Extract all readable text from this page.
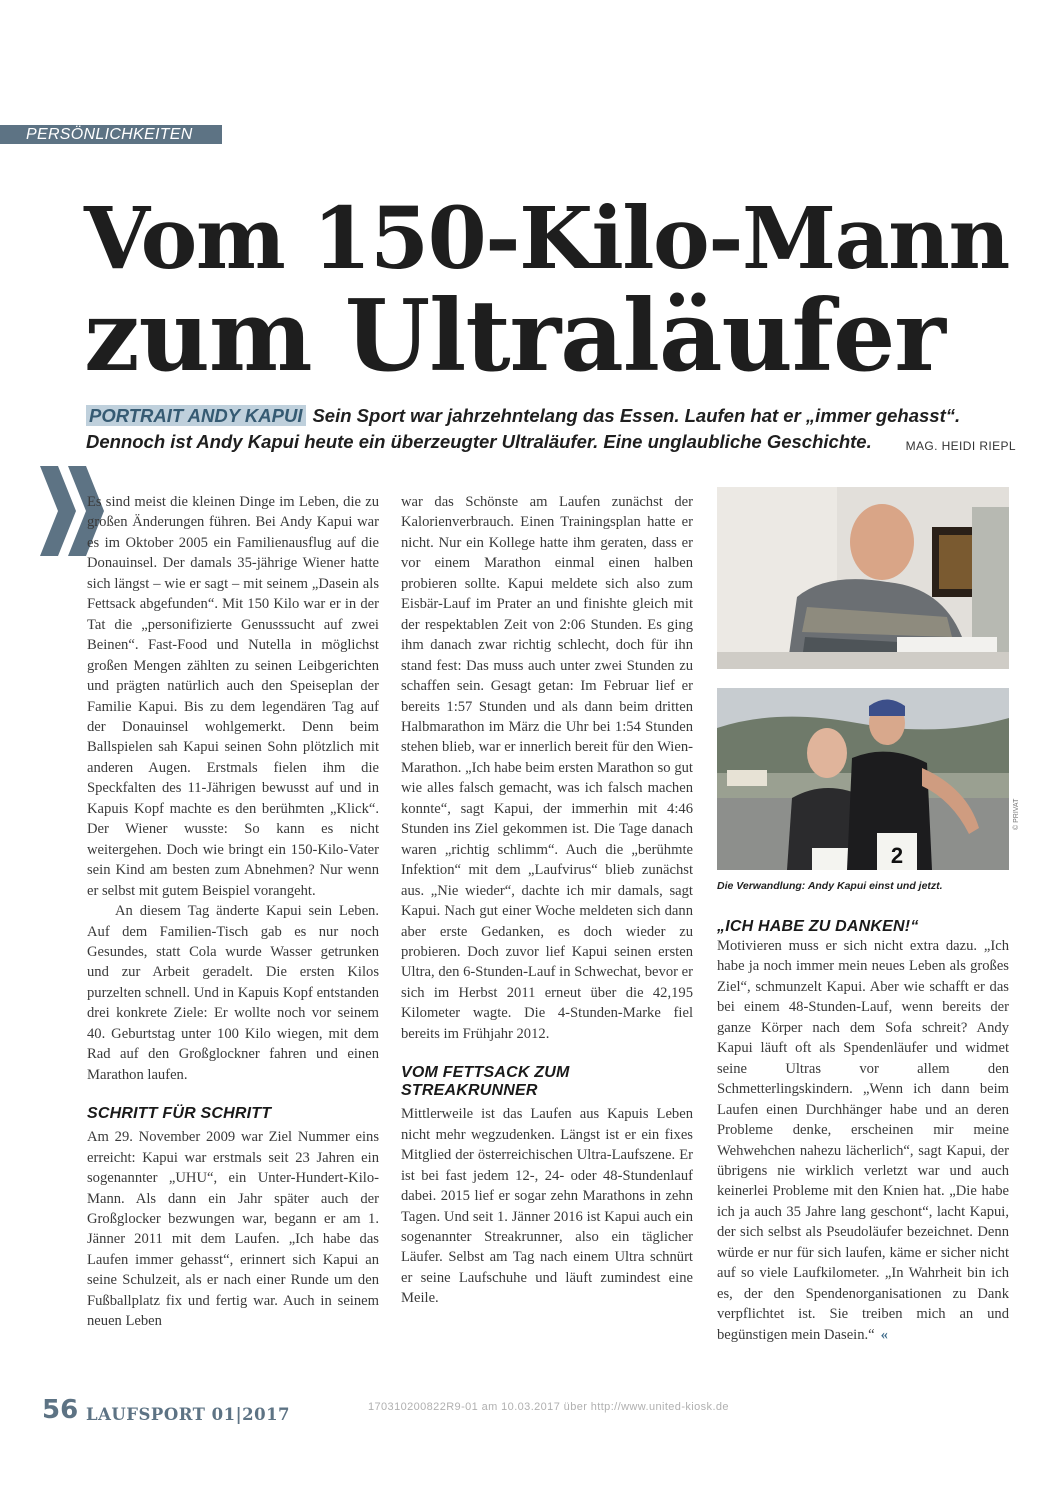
PERSÖNLICHKEITEN
Vom 150-Kilo-Mann
zum Ultraläufer
PORTRAIT ANDY KAPUI Sein Sport war jahrzehntelang das Essen. Laufen hat er „immer gehasst“. Dennoch ist Andy Kapui heute ein überzeugter Ultraläufer. Eine unglaubliche Geschichte.	MAG. HEIDI RIEPL

Es sind meist die kleinen Dinge im Leben, die zu großen Änderungen führen. Bei Andy Kapui war es im Oktober 2005 ein Familienausflug auf die Donauinsel. Der damals 35-jährige Wiener hatte sich längst – wie er sagt – mit seinem „Dasein als Fettsack abgefunden“. Mit 150 Kilo war er in der Tat die „personifizierte Genusssucht auf zwei Beinen“. Fast-Food und Nutella in möglichst großen Mengen zählten zu seinen Leibgerichten und prägten natürlich auch den Speiseplan der Familie Kapui. Bis zu dem legendären Tag auf der Donauinsel wohlgemerkt. Denn beim Ballspielen sah Kapui seinen Sohn plötzlich mit anderen Augen. Erstmals fielen ihm die Speckfalten des 11-Jährigen bewusst auf und in Kapuis Kopf machte es den berühmten „Klick“. Der Wiener wusste: So kann es nicht weitergehen. Doch wie bringt ein 150-Kilo-Vater sein Kind am besten zum Abnehmen? Nur wenn er selbst mit gutem Beispiel vorangeht.

An diesem Tag änderte Kapui sein Leben. Auf dem Familien-Tisch gab es nur noch Gesundes, statt Cola wurde Wasser getrunken und zur Arbeit geradelt. Die ersten Kilos purzelten schnell. Und in Kapuis Kopf entstanden drei konkrete Ziele: Er wollte noch vor seinem 40. Geburtstag unter 100 Kilo wiegen, mit dem Rad auf den Großglockner fahren und einen Marathon laufen.

SCHRITT FÜR SCHRITT

Am 29. November 2009 war Ziel Nummer eins erreicht: Kapui war erstmals seit 23 Jahren ein sogenannter „UHU“, ein Unter-Hundert-Kilo-Mann. Als dann ein Jahr später auch der Großglocker bezwungen war, begann er am 1. Jänner 2011 mit dem Laufen. „Ich habe das Laufen immer gehasst“, erinnert sich Kapui an seine Schulzeit, als er nach einer Runde um den Fußballplatz fix und fertig war. Auch in seinem neuen Leben

war das Schönste am Laufen zunächst der Kalorienverbrauch. Einen Trainingsplan hatte er nicht. Nur ein Kollege hatte ihm geraten, dass er vor einem Marathon einmal einen halben probieren sollte. Kapui meldete sich also zum Eisbär-Lauf im Prater an und finishte gleich mit der respektablen Zeit von 2:06 Stunden. Es ging ihm danach zwar richtig schlecht, doch für ihn stand fest: Das muss auch unter zwei Stunden zu schaffen sein. Gesagt getan: Im Februar lief er bereits 1:57 Stunden und als dann beim dritten Halbmarathon im März die Uhr bei 1:54 Stunden stehen blieb, war er innerlich bereit für den Wien-Marathon. „Ich habe beim ersten Marathon so gut wie alles falsch gemacht, was ich falsch machen konnte“, sagt Kapui, der immerhin mit 4:46 Stunden ins Ziel gekommen ist. Die Tage danach waren „richtig schlimm“. Auch die „berühmte Infektion“ mit dem „Laufvirus“ blieb zunächst aus. „Nie wieder“, dachte ich mir damals, sagt Kapui. Nach gut einer Woche meldeten sich dann aber erste Gedanken, es doch wieder zu probieren. Doch zuvor lief Kapui seinen ersten Ultra, den 6-Stunden-Lauf in Schwechat, bevor er sich im Herbst 2011 erneut über die 42,195 Kilometer wagte. Die 4-Stunden-Marke fiel bereits im Frühjahr 2012.

VOM FETTSACK ZUM STREAKRUNNER

Mittlerweile ist das Laufen aus Kapuis Leben nicht mehr wegzudenken. Längst ist er ein fixes Mitglied der österreichischen Ultra-Laufszene. Er ist bei fast jedem 12-, 24- oder 48-Stundenlauf dabei. 2015 lief er sogar zehn Marathons in zehn Tagen. Und seit 1. Jänner 2016 ist Kapui auch ein sogenannter Streakrunner, also ein täglicher Läufer. Selbst am Tag nach einem Ultra schnürt er seine Laufschuhe und läuft zumindest eine Meile.

2
Die Verwandlung: Andy Kapui einst und jetzt.
© PRIVAT
„ICH HABE ZU DANKEN!“

Motivieren muss er sich nicht extra dazu. „Ich habe ja noch immer mein neues Leben als großes Ziel“, schmunzelt Kapui. Aber wie schafft er das bei einem 48-Stunden-Lauf, wenn bereits der ganze Körper nach dem Sofa schreit? Andy Kapui läuft oft als Spendenläufer und widmet seine Ultras vor allem den Schmetterlingskindern. „Wenn ich dann beim Laufen einen Durchhänger habe und an deren Probleme denke, erscheinen mir meine Wehwehchen nahezu lächerlich“, sagt Kapui, der übrigens nie wirklich verletzt war und auch keinerlei Probleme mit den Knien hat. „Die habe ich ja auch 35 Jahre lang geschont“, lacht Kapui, der sich selbst als Pseudoläufer bezeichnet. Denn würde er nur für sich laufen, käme er sicher nicht auf so viele Laufkilometer. „In Wahrheit bin ich es, der den Spendenorganisationen zu Dank verpflichtet ist. Sie treiben mich an und begünstigen mein Dasein.“ «

56 LAUFSPORT 01|2017	170310200822R9-01 am 10.03.2017 über http://www.united-kiosk.de
